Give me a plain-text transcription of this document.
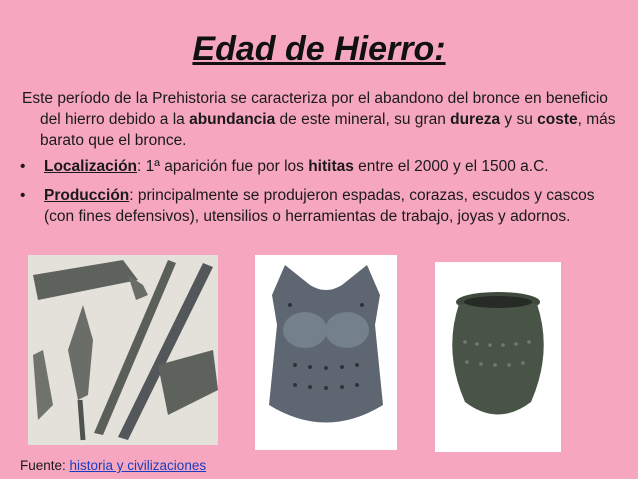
Edad de Hierro:
Este período de la Prehistoria se caracteriza por el abandono del bronce en beneficio del hierro debido a la abundancia de este mineral, su gran dureza y su coste, más barato que el bronce.
• Localización: 1ª aparición fue por los hititas entre el 2000 y el 1500 a.C.
• Producción: principalmente se produjeron espadas, corazas, escudos y cascos (con fines defensivos), utensilios o herramientas de trabajo, joyas y adornos.
Fuente: historia y civilizaciones
